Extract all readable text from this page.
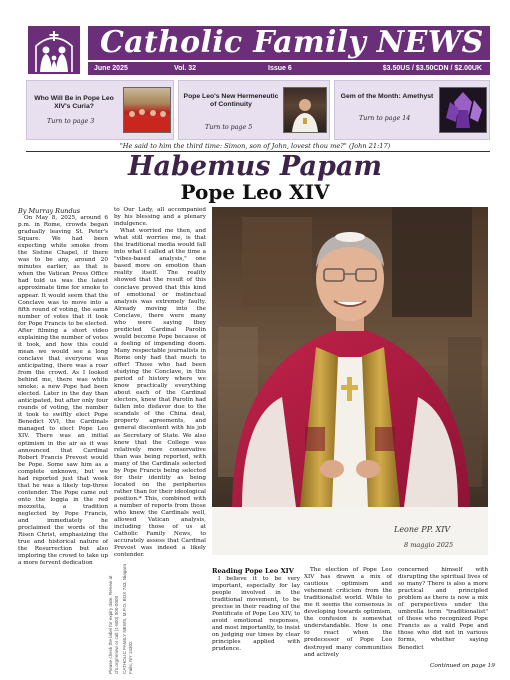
Catholic Family NEWS
June 2025	Vol. 32	Issue 6	$3.50US / $3.50CDN / $2.00UK
Who Will Be in Pope Leo XIV's Curia?
Turn to page 3
Pope Leo's New Hermeneutic of Continuity
Turn to page 5
Gem of the Month: Amethyst
Turn to page 14
"He said to him the third time: Simon, son of John, lovest thou me?" (John 21:17)
Habemus Papam
Pope Leo XIV
By Murray Rundus

On May 8, 2025, around 6 p.m. in Rome, crowds began gradually leaving St. Peter's Square. We had been expecting white smoke from the Sistine Chapel, if there was to be any, around 20 minutes earlier, as that is when the Vatican Press Office had told us was the latest approximate time for smoke to appear. It would seem that the Conclave was to move into a fifth round of voting, the same number of votes that it took for Pope Francis to be elected. After filming a short video explaining the number of votes it took, and how this could mean we would see a long conclave that everyone was anticipating, there was a roar from the crowd. As I looked behind me, there was white smoke; a new Pope had been elected. Later in the day than anticipated, but after only four rounds of voting, the number it took to swiftly elect Pope Benedict XVI, the Cardinals managed to elect Pope Leo XIV. There was an initial optimism in the air as it was announced that Cardinal Robert Francis Prevost would be Pope. Some saw him as a complete unknown, but we had reported just that week that he was a likely top-three contender. The Pope came out onto the loggia in the red mozzetta, a tradition neglected by Pope Francis, and immediately he proclaimed the words of the Risen Christ, emphasizing the true and historical nature of the Resurrection but also imploring the crowd to take up a more fervent dedication

to Our Lady, all accompanied by his blessing and a plenary indulgence.

What worried me then, and what still worries me, is that the traditional media would fall into what I called at the time a "vibes-based analysis," one based more on emotion than reality itself. The reality showed that the result of this conclave proved that this kind of emotional or instinctual analysis was extremely faulty. Already moving into the Conclave, there were many who were saying they predicted Cardinal Parolin would become Pope because of a feeling of impending doom. Many respectable journalists in Rome only had that much to offer! Those who had been studying the Conclave, in this period of history where we know practically everything about each of the Cardinal electors, knew that Parolin had fallen into disfavor due to the scandals of the China deal, property agreements, and general discontent with his job as Secretary of State. We also knew that the College was relatively more conservative than was being reported, with many of the Cardinals selected by Pope Francis being selected for their identity as being located on the peripheries rather than for their ideological position.* This, combined with a number of reports from those who knew the Cardinals well, allowed Vatican analysis, including those of us at Catholic Family News, to accurately assess that Cardinal Prevost was indeed a likely contender.

Leone PP. XIV
8 maggio 2025
Reading Pope Leo XIV

I believe it to be very important, especially for lay people involved in the traditional movement, to be precise in their reading of the Pontificate of Pope Leo XIV, to avoid emotional responses, and most importantly, to insist on judging our times by clear principles applied with prudence.

The election of Pope Leo XIV has drawn a mix of cautious optimism and vehement criticism from the traditionalist world. While to me it seems the consensus is developing towards optimism, the confusion is somewhat understandable. How is one to react when the predecessor of Pope Leo destroyed many communities and actively

concerned himself with disrupting the spiritual lives of so many? There is also a more practical and principled problem as there is now a mix of perspectives under the umbrella term "traditionalist" of those who recognized Pope Francis as a valid Pope and those who did not in various forms, whether saying Benedict

Continued on page 19
Please check the label for expiry date. Renew at cfn.org/renew or call (1-800) 000-0000 CATHOLIC FAMILY NEWS, M.P.O. BOX 743, Niagara Falls, NY 14302
